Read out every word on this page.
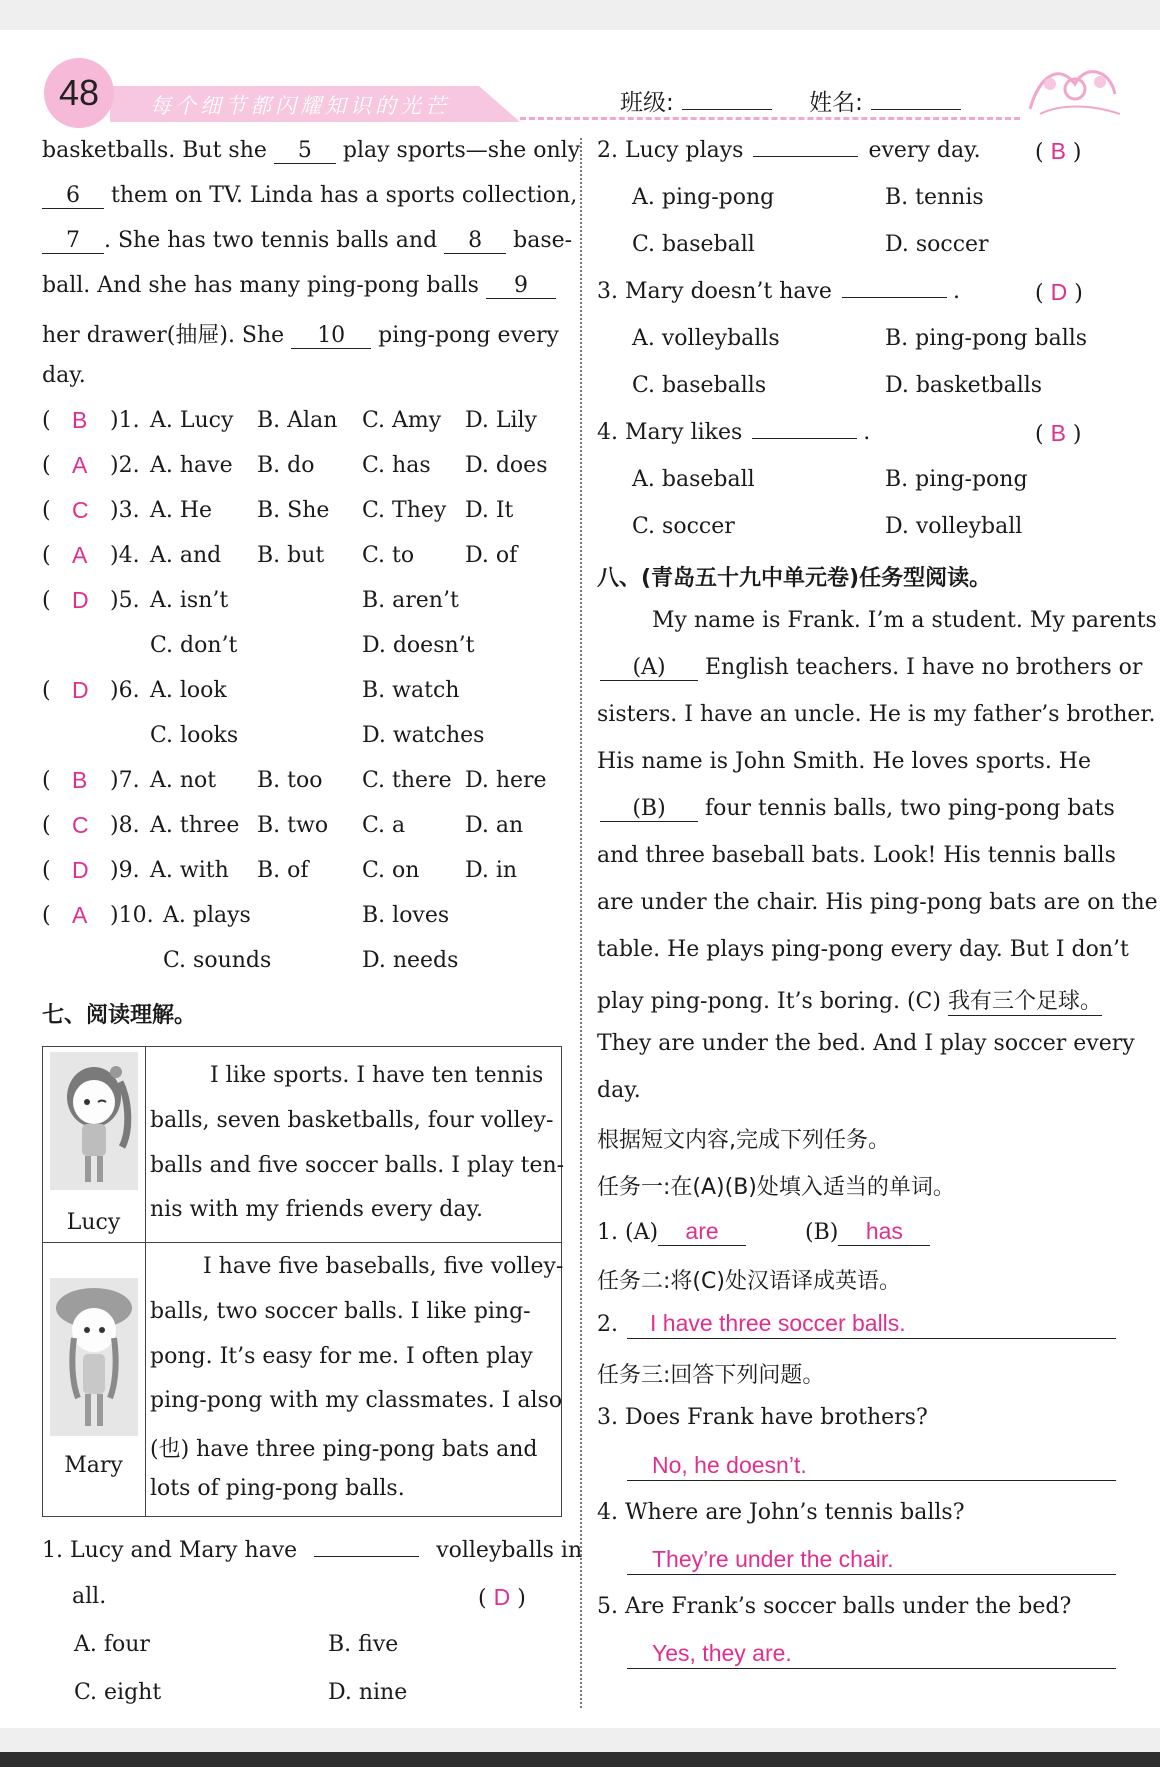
48	每个细节都闪耀知识的光芒	班级:	姓名:
basketballs. But she 5 play sports—she only
6 them on TV. Linda has a sports collection,
7 . She has two tennis balls and 8 base-
ball. And she has many ping-pong balls 9
her drawer(抽屉). She 10 ping-pong every
day.
( B )1. A. Lucy B. Alan C. Amy D. Lily
( A )2. A. have B. do C. has D. does
( C )3. A. He B. She C. They D. It
( A )4. A. and B. but C. to D. of
( D )5. A. isn’t	B. aren’t
C. don’t	D. doesn’t
( D )6. A. look	B. watch
C. looks	D. watches
( B )7. A. not B. too C. there D. here
( C )8. A. three B. two C. a	D. an
( D )9. A. with B. of C. on D. in
( A )10. A. plays	B. loves
C. sounds	D. needs
七、阅读理解。
Lucy
I like sports. I have ten tennis
balls, seven basketballs, four volley-
balls and five soccer balls. I play ten-
nis with my friends every day.
Mary
I have five baseballs, five volley-
balls, two soccer balls. I like ping-
pong. It’s easy for me. I often play
ping-pong with my classmates. I also
(也) have three ping-pong bats and
lots of ping-pong balls.
1. Lucy and Mary have	volleyballs in
all.	( D )
A. four	B. five
C. eight	D. nine
2. Lucy plays	every day. ( B )
A. ping-pong	B. tennis
C. baseball	D. soccer
3. Mary doesn’t have	.	( D )
A. volleyballs	B. ping-pong balls
C. baseballs	D. basketballs
4. Mary likes	.	( B )
A. baseball	B. ping-pong
C. soccer	D. volleyball
八、(青岛五十九中单元卷)任务型阅读。
My name is Frank. I’m a student. My parents
(A) English teachers. I have no brothers or
sisters. I have an uncle. He is my father’s brother.
His name is John Smith. He loves sports. He
(B) four tennis balls, two ping-pong bats
and three baseball bats. Look! His tennis balls
are under the chair. His ping-pong bats are on the
table. He plays ping-pong every day. But I don’t
play ping-pong. It’s boring. (C) 我有三个足球。
They are under the bed. And I play soccer every
day.
根据短文内容,完成下列任务。
任务一:在(A)(B)处填入适当的单词。
1. (A) are	(B) has
任务二:将(C)处汉语译成英语。
2. I have three soccer balls.
任务三:回答下列问题。
3. Does Frank have brothers?
No, he doesn’t.
4. Where are John’s tennis balls?
They’re under the chair.
5. Are Frank’s soccer balls under the bed?
Yes, they are.
